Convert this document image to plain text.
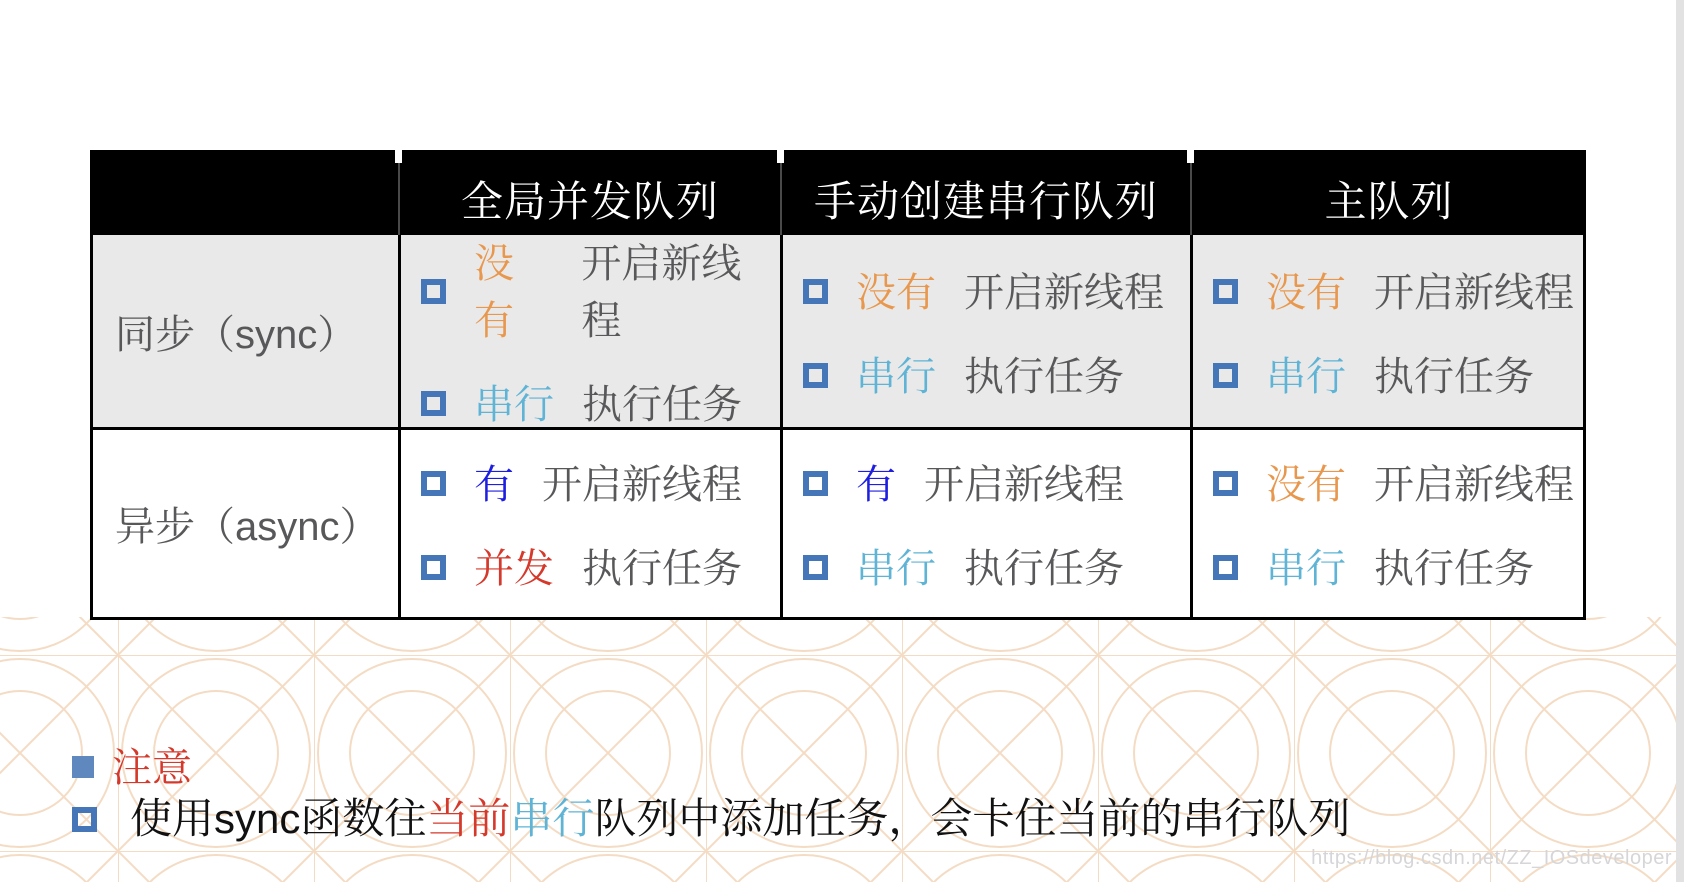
全局并发队列	手动创建串行队列	主队列
同步（sync）
没有
开启新线程
串行 执行任务
没有 开启新线程
串行 执行任务
没有 开启新线程
串行 执行任务
异步（async）
有 开启新线程
并发 执行任务
有 开启新线程
串行 执行任务
没有 开启新线程
串行 执行任务
注意
使用sync函数往当前串行队列中添加任务，会卡住当前的串行队列
https://blog.csdn.net/ZZ_IOSdeveloper
